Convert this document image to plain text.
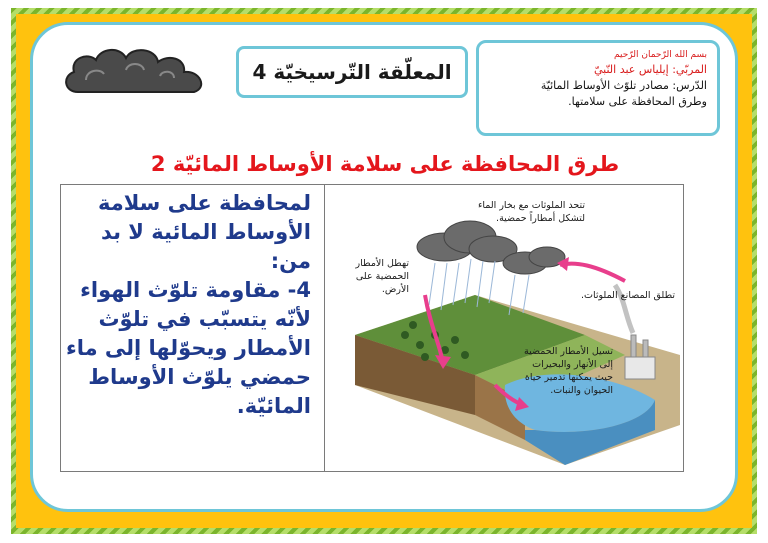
المعلّقة التّرسيخيّة 4
بسم الله الرّحمان الرّحيم
المربّي: إيلياس عبد النّبيّ
الدّرس: مصادر تلوّث الأوساط المائيّة
وطرق المحافظة على سلامتها.
طرق المحافظة على سلامة الأوساط المائيّة 2

لمحافظة على سلامة

الأوساط المائية لا بد

من:

4- مقاومة تلوّث الهواء

لأنّه يتسبّب في تلوّث

الأمطار ويحوّلها إلى ماء

حمضي يلوّث الأوساط

المائيّة.

تتحد الملوثات مع بخار الماء لتشكل أمطاراً حمضية.
تهطل الأمطار الحمضية على الأرض.
تطلق المصانع الملوثات.
تسيل الأمطار الحمضية إلى الأنهار والبحيرات حيث يمكنها تدمير حياة الحيوان والنبات.
